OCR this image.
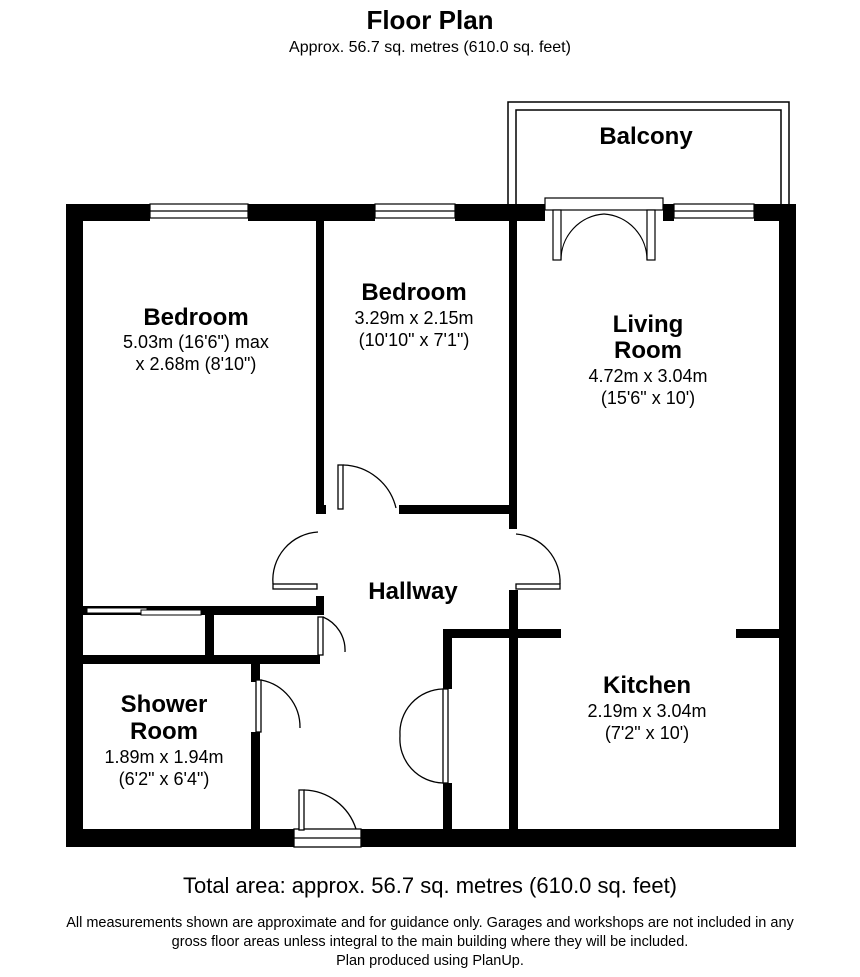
Floor Plan
Approx. 56.7 sq. metres (610.0 sq. feet)
Balcony
Bedroom
5.03m (16'6") max
x 2.68m (8'10")
Bedroom
3.29m x 2.15m
(10'10" x 7'1")
Living
Room
4.72m x 3.04m
(15'6" x 10')
Hallway
Kitchen
2.19m x 3.04m
(7'2" x 10')
Shower
Room
1.89m x 1.94m
(6'2" x 6'4")
Total area: approx. 56.7 sq. metres (610.0 sq. feet)
All measurements shown are approximate and for guidance only. Garages and workshops are not included in any
gross floor areas unless integral to the main building where they will be included.
Plan produced using PlanUp.
